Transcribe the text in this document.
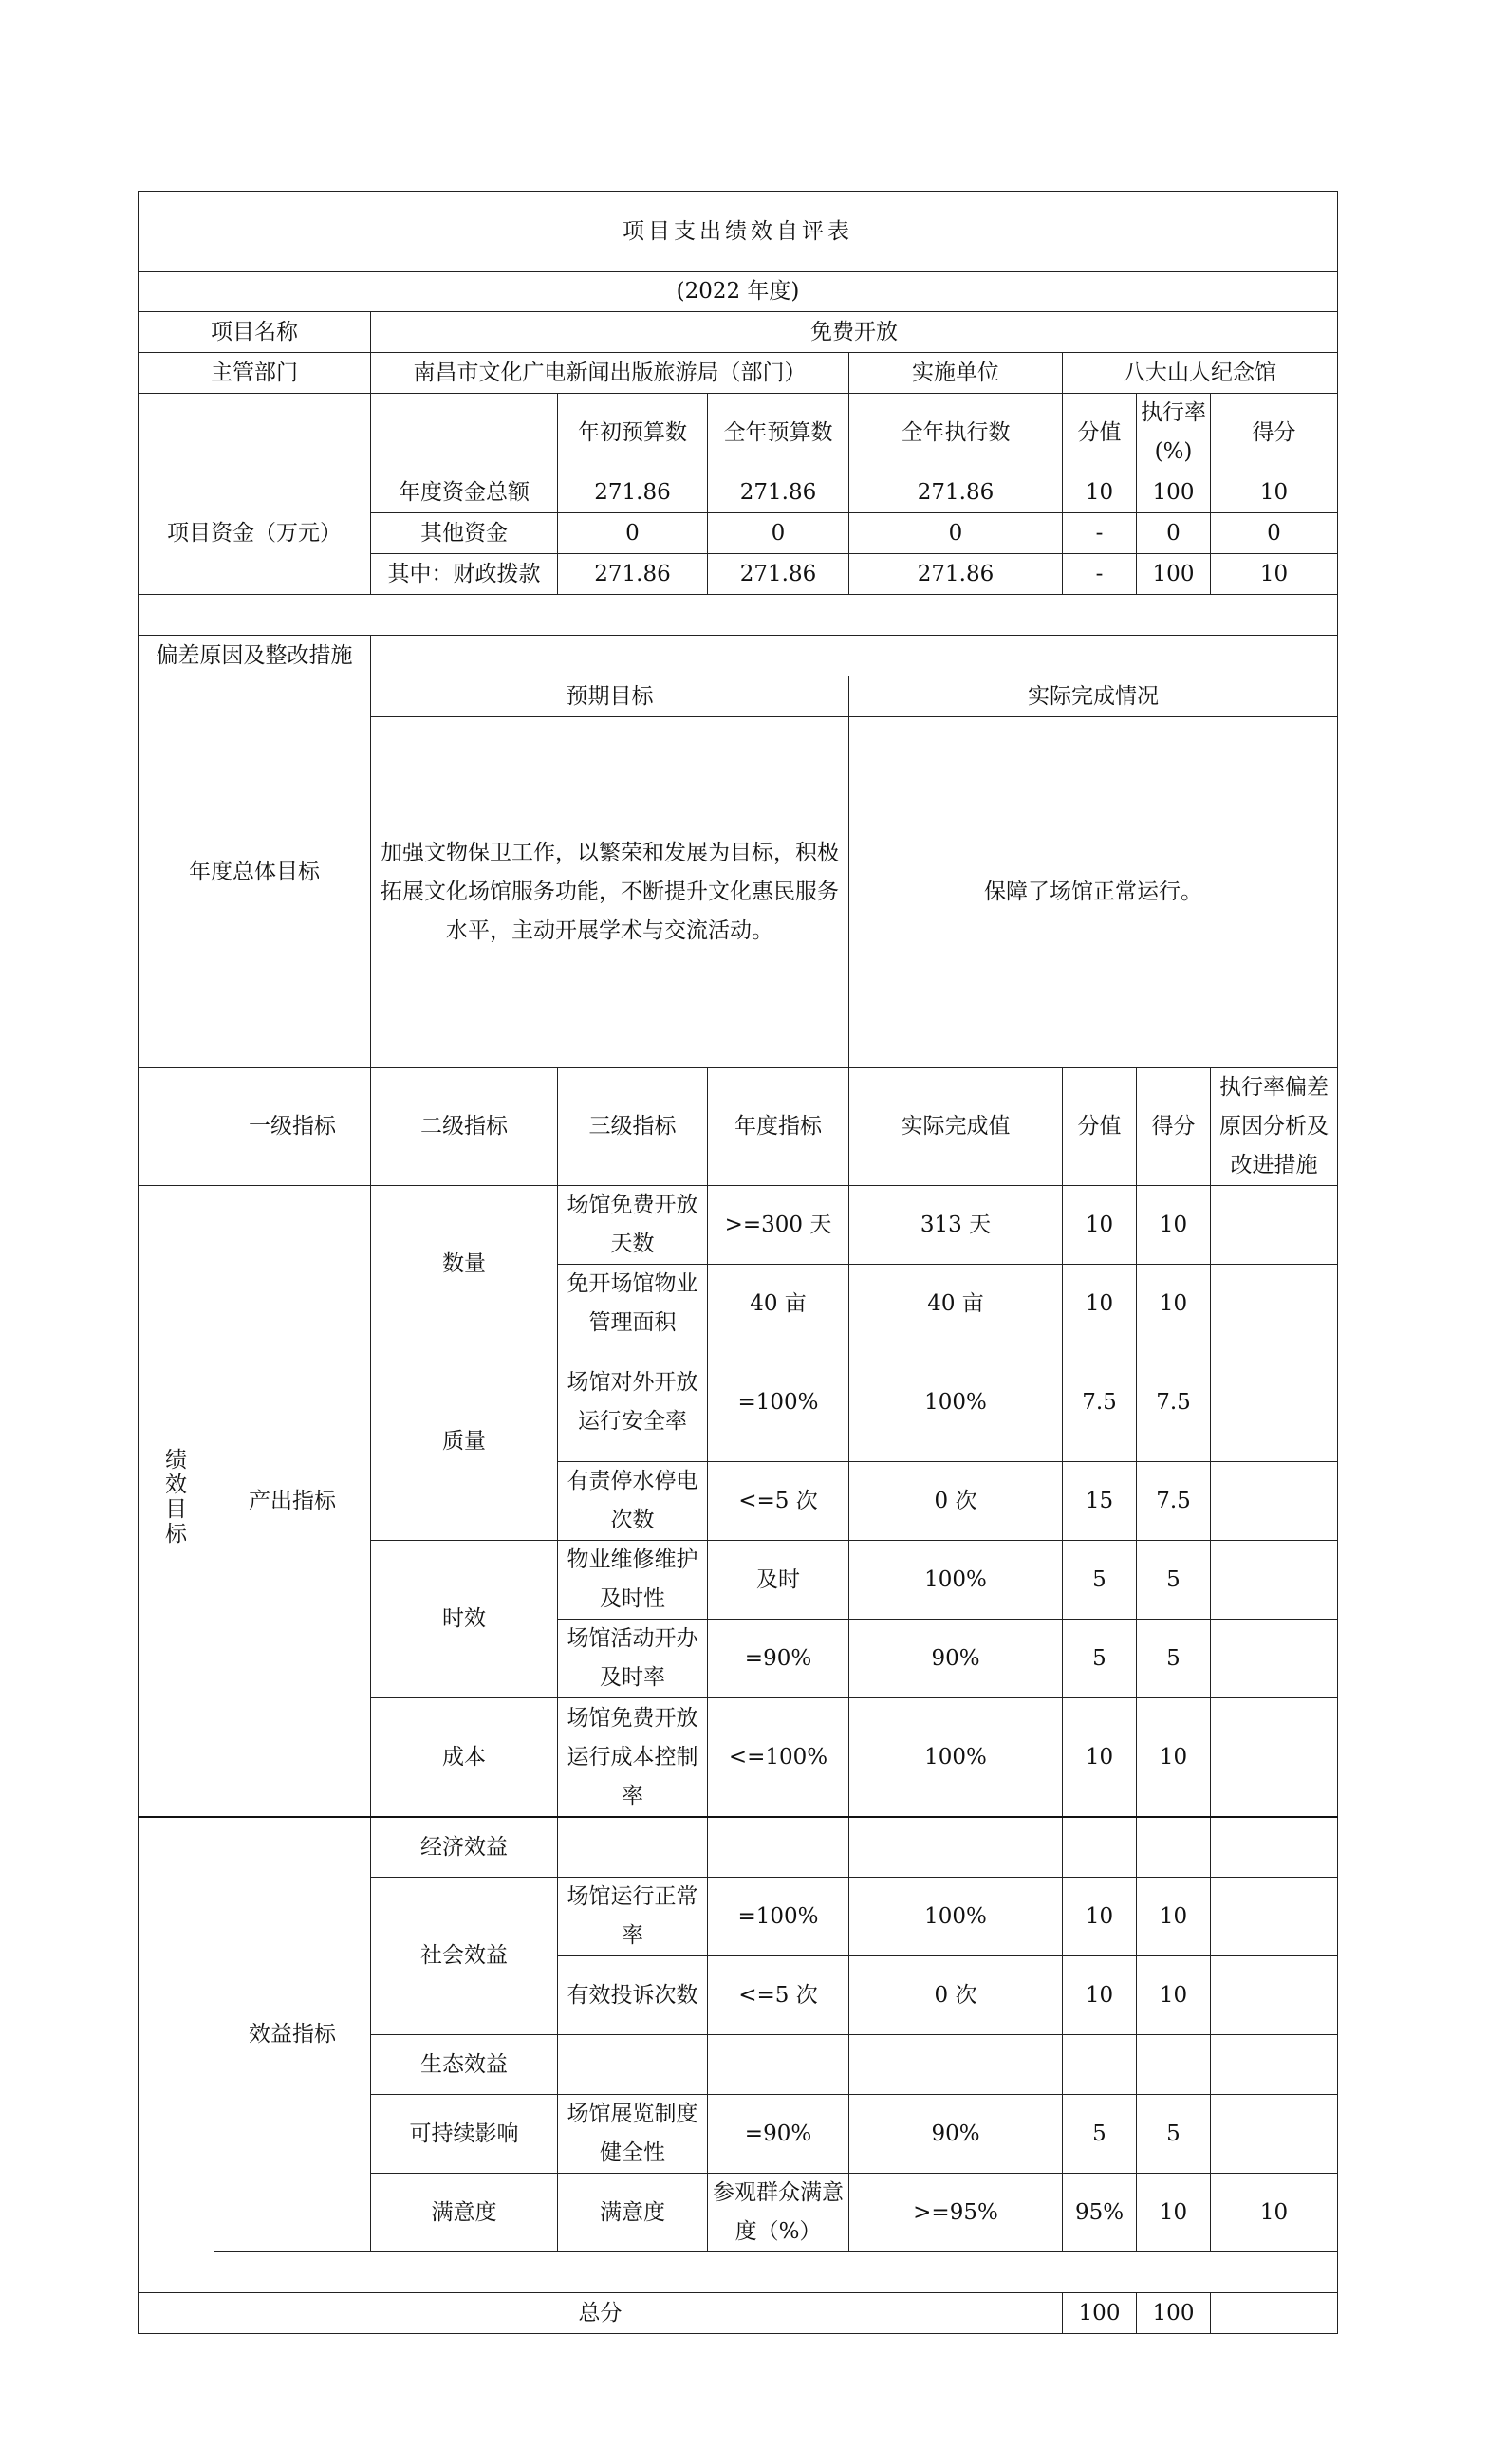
项目支出绩效自评表									
(2022 年度)									
项目名称		免费开放							
主管部门		南昌市文化广电新闻出版旅游局（部门）			实施单位	八大山人纪念馆			
			年初预算数	全年预算数	全年执行数	分值	执行率(%)	得分	
项目资金（万元）		年度资金总额	271.86	271.86	271.86	10	100	10	
		其他资金	0	0	0	-	0	0	
		其中：财政拨款	271.86	271.86	271.86	-	100	10	

偏差原因及整改措施									
年度总体目标		预期目标			实际完成情况				
		加强文物保卫工作，以繁荣和发展为目标，积极拓展文化场馆服务功能，不断提升文化惠民服务水平，主动开展学术与交流活动。			保障了场馆正常运行。				
	一级指标	二级指标	三级指标	年度指标	实际完成值	分值	得分	执行率偏差原因分析及改进措施	
绩效目标	产出指标	数量	场馆免费开放天数	>=300 天	313 天	10	10		
			免开场馆物业管理面积	40 亩	40 亩	10	10		
		质量	场馆对外开放运行安全率	=100%	100%	7.5	7.5		
			有责停水停电次数	<=5 次	0 次	15	7.5		
		时效	物业维修维护及时性	及时	100%	5	5		
			场馆活动开办及时率	=90%	90%	5	5		
		成本	场馆免费开放运行成本控制率	<=100%	100%	10	10		
	效益指标	经济效益							
		社会效益	场馆运行正常率	=100%	100%	10	10		
			有效投诉次数	<=5 次	0 次	10	10		
		生态效益							
		可持续影响	场馆展览制度健全性	=90%	90%	5	5		
		满意度	满意度	参观群众满意度（%）	>=95%	95%	10	10	

总分						100	100		
